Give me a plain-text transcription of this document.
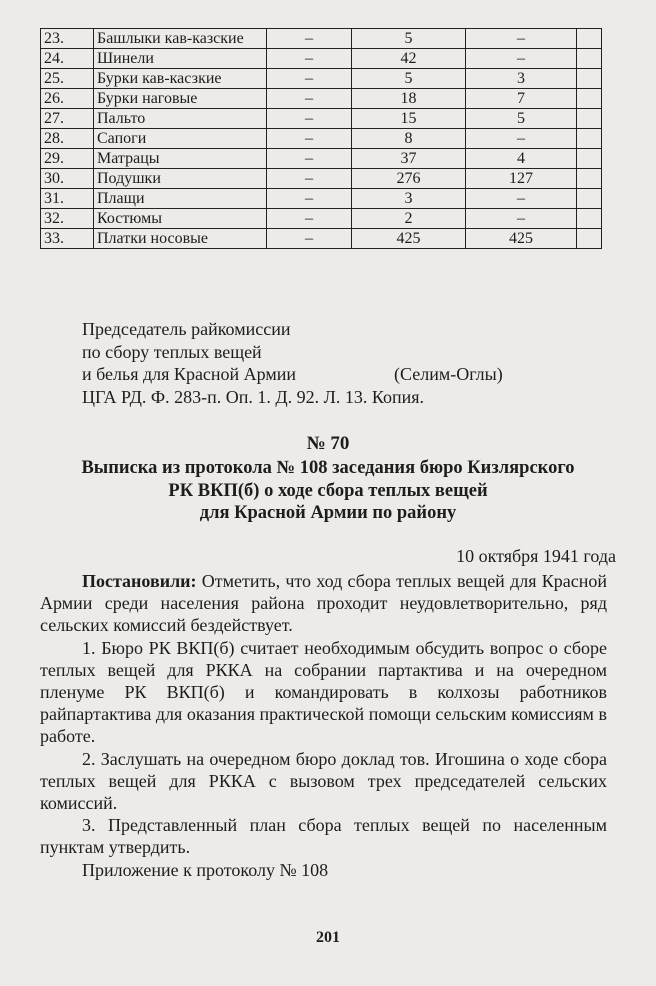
23.	Башлыки кав-казские	–	5	–	
24.	Шинели	–	42	–	
25.	Бурки кав-касзкие	–	5	3	
26.	Бурки наговые	–	18	7	
27.	Пальто	–	15	5	
28.	Сапоги	–	8	–	
29.	Матрацы	–	37	4	
30.	Подушки	–	276	127	
31.	Плащи	–	3	–	
32.	Костюмы	–	2	–	
33.	Платки носовые	–	425	425	
Председатель райкомиссии
по сбору теплых вещей
и белья для Красной Армии
ЦГА РД. Ф. 283-п. Оп. 1. Д. 92. Л. 13. Копия.
(Селим-Оглы)
№ 70
Выписка из протокола № 108 заседания бюро Кизлярского
РК ВКП(б) о ходе сбора теплых вещей
для Красной Армии по району
10 октября 1941 года

Постановили: Отметить, что ход сбора теплых вещей для Красной Армии среди населения района проходит неудовлетворительно, ряд сельских комиссий бездействует.

1. Бюро РК ВКП(б) считает необходимым обсудить вопрос о сборе теплых вещей для РККА на собрании партактива и на очередном пленуме РК ВКП(б) и командировать в колхозы работников райпартактива для оказания практической помощи сельским комиссиям в работе.

2. Заслушать на очередном бюро доклад тов. Игошина о ходе сбора теплых вещей для РККА с вызовом трех председателей сельских комиссий.

3. Представленный план сбора теплых вещей по населенным пунктам утвердить.

Приложение к протоколу № 108

201
